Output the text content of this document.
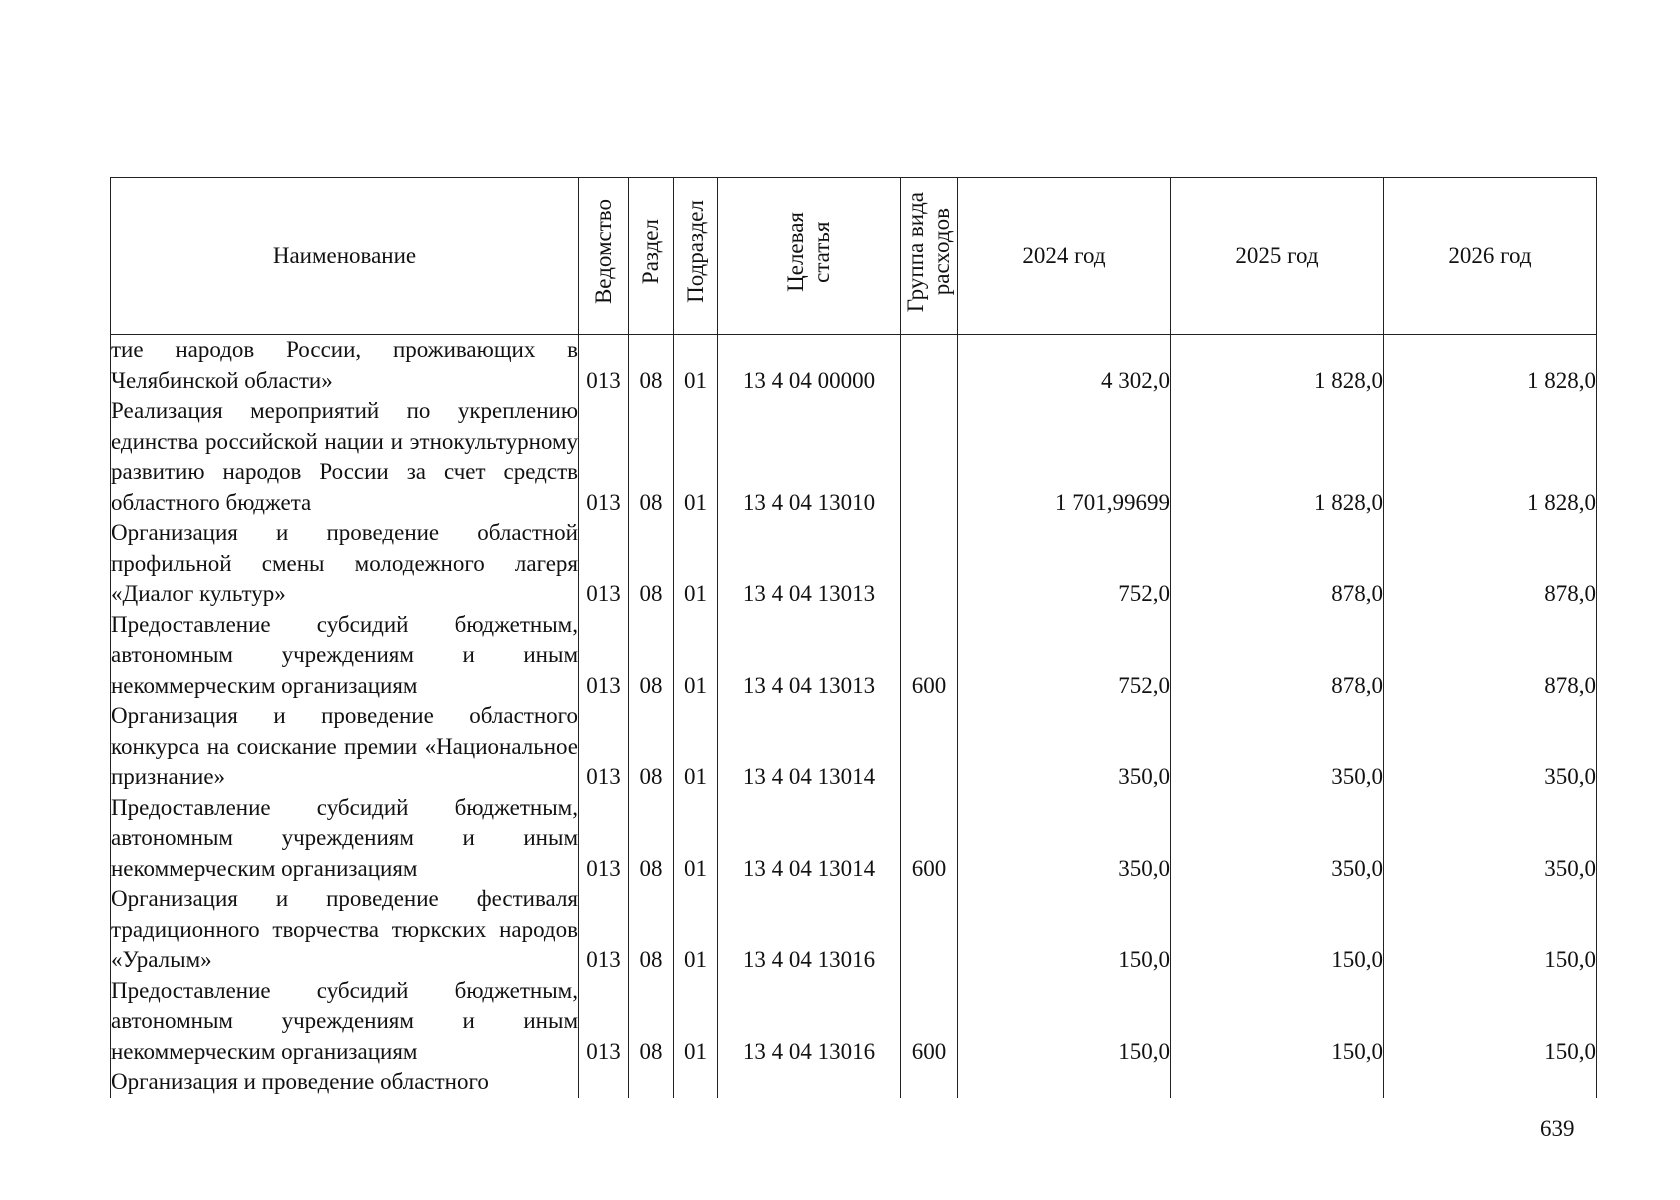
Наименование	Ведомство	Раздел	Подраздел	Целевая статья	Группа вида расходов	2024 год	2025 год	2026 год
тие народов России, проживающих в Челябинской области»	013	08	01	13 4 04 00000		4 302,0	1 828,0	1 828,0
Реализация мероприятий по укреплению единства российской нации и этнокультурному развитию народов России за счет средств областного бюджета	013	08	01	13 4 04 13010		1 701,99699	1 828,0	1 828,0
Организация и проведение областной профильной смены молодежного лагеря «Диалог культур»	013	08	01	13 4 04 13013		752,0	878,0	878,0
Предоставление субсидий бюджетным, автономным учреждениям и иным некоммерческим организациям	013	08	01	13 4 04 13013	600	752,0	878,0	878,0
Организация и проведение областного конкурса на соискание премии «Национальное признание»	013	08	01	13 4 04 13014		350,0	350,0	350,0
Предоставление субсидий бюджетным, автономным учреждениям и иным некоммерческим организациям	013	08	01	13 4 04 13014	600	350,0	350,0	350,0
Организация и проведение фестиваля традиционного творчества тюркских народов «Уралым»	013	08	01	13 4 04 13016		150,0	150,0	150,0
Предоставление субсидий бюджетным, автономным учреждениям и иным некоммерческим организациям	013	08	01	13 4 04 13016	600	150,0	150,0	150,0
Организация и проведение областного								
639
